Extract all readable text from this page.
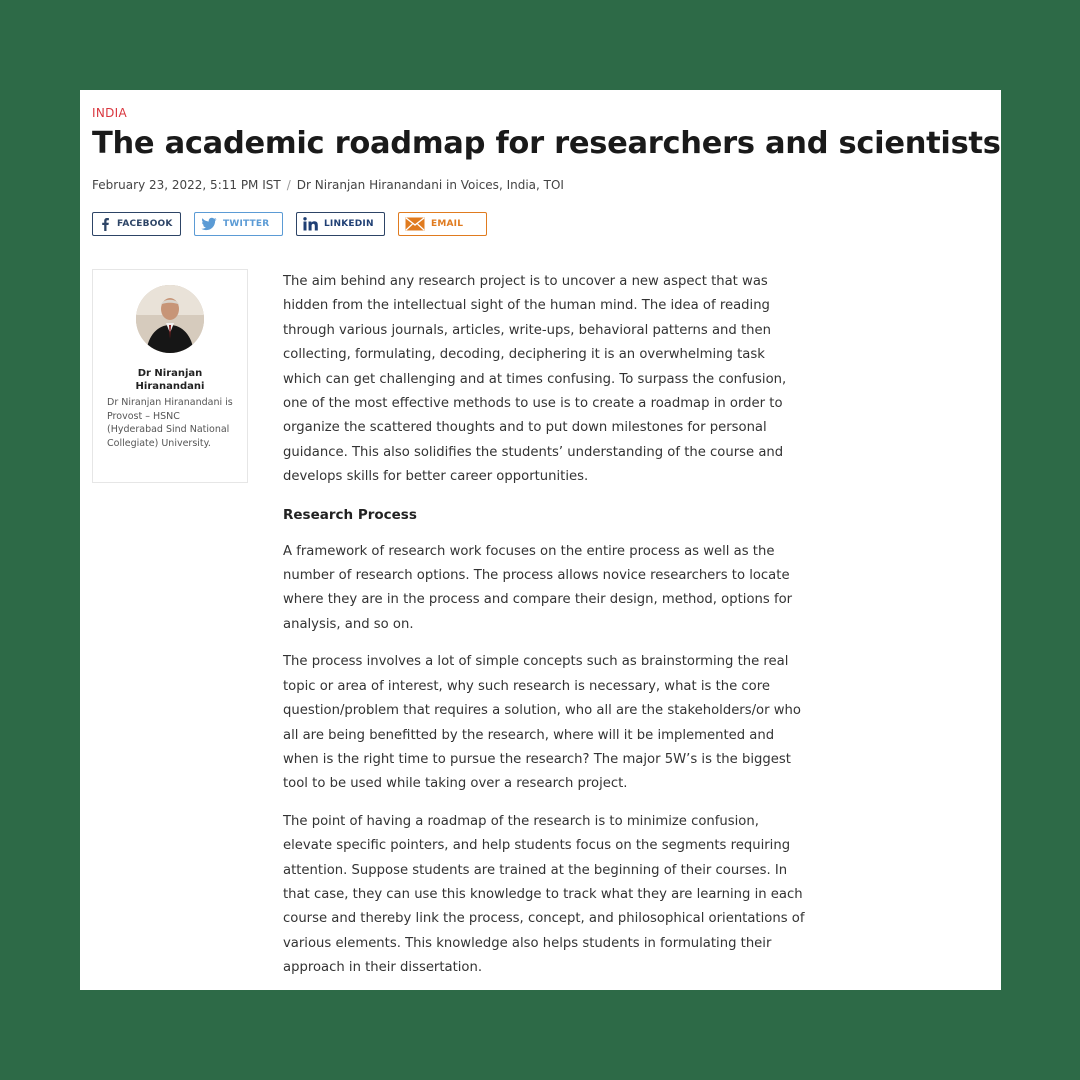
INDIA
The academic roadmap for researchers and scientists
February 23, 2022, 5:11 PM IST / Dr Niranjan Hiranandani in Voices, India, TOI
FACEBOOK	TWITTER	LINKEDIN	EMAIL
Dr Niranjan Hiranandani
Dr Niranjan Hiranandani is Provost – HSNC (Hyderabad Sind National Collegiate) University.

The aim behind any research project is to uncover a new aspect that was hidden from the intellectual sight of the human mind. The idea of reading through various journals, articles, write-ups, behavioral patterns and then collecting, formulating, decoding, deciphering it is an overwhelming task which can get challenging and at times confusing. To surpass the confusion, one of the most effective methods to use is to create a roadmap in order to organize the scattered thoughts and to put down milestones for personal guidance. This also solidifies the students’ understanding of the course and develops skills for better career opportunities.

Research Process

A framework of research work focuses on the entire process as well as the number of research options. The process allows novice researchers to locate where they are in the process and compare their design, method, options for analysis, and so on.

The process involves a lot of simple concepts such as brainstorming the real topic or area of interest, why such research is necessary, what is the core question/problem that requires a solution, who all are the stakeholders/or who all are being benefitted by the research, where will it be implemented and when is the right time to pursue the research? The major 5W’s is the biggest tool to be used while taking over a research project.

The point of having a roadmap of the research is to minimize confusion, elevate specific pointers, and help students focus on the segments requiring attention. Suppose students are trained at the beginning of their courses. In that case, they can use this knowledge to track what they are learning in each course and thereby link the process, concept, and philosophical orientations of various elements. This knowledge also helps students in formulating their approach in their dissertation.
